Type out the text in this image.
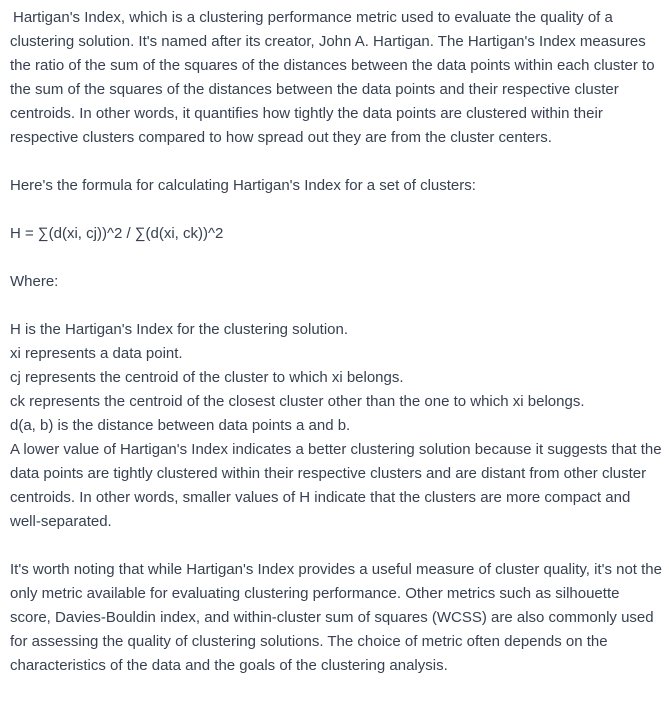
Hartigan's Index, which is a clustering performance metric used to evaluate the quality of a clustering solution. It's named after its creator, John A. Hartigan. The Hartigan's Index measures the ratio of the sum of the squares of the distances between the data points within each cluster to the sum of the squares of the distances between the data points and their respective cluster centroids. In other words, it quantifies how tightly the data points are clustered within their respective clusters compared to how spread out they are from the cluster centers.

Here's the formula for calculating Hartigan's Index for a set of clusters:

H = ∑(d(xi, cj))^2 / ∑(d(xi, ck))^2

Where:

H is the Hartigan's Index for the clustering solution.
xi represents a data point.
cj represents the centroid of the cluster to which xi belongs.
ck represents the centroid of the closest cluster other than the one to which xi belongs.
d(a, b) is the distance between data points a and b.

A lower value of Hartigan's Index indicates a better clustering solution because it suggests that the data points are tightly clustered within their respective clusters and are distant from other cluster centroids. In other words, smaller values of H indicate that the clusters are more compact and well-separated.

It's worth noting that while Hartigan's Index provides a useful measure of cluster quality, it's not the only metric available for evaluating clustering performance. Other metrics such as silhouette score, Davies-Bouldin index, and within-cluster sum of squares (WCSS) are also commonly used for assessing the quality of clustering solutions. The choice of metric often depends on the characteristics of the data and the goals of the clustering analysis.
